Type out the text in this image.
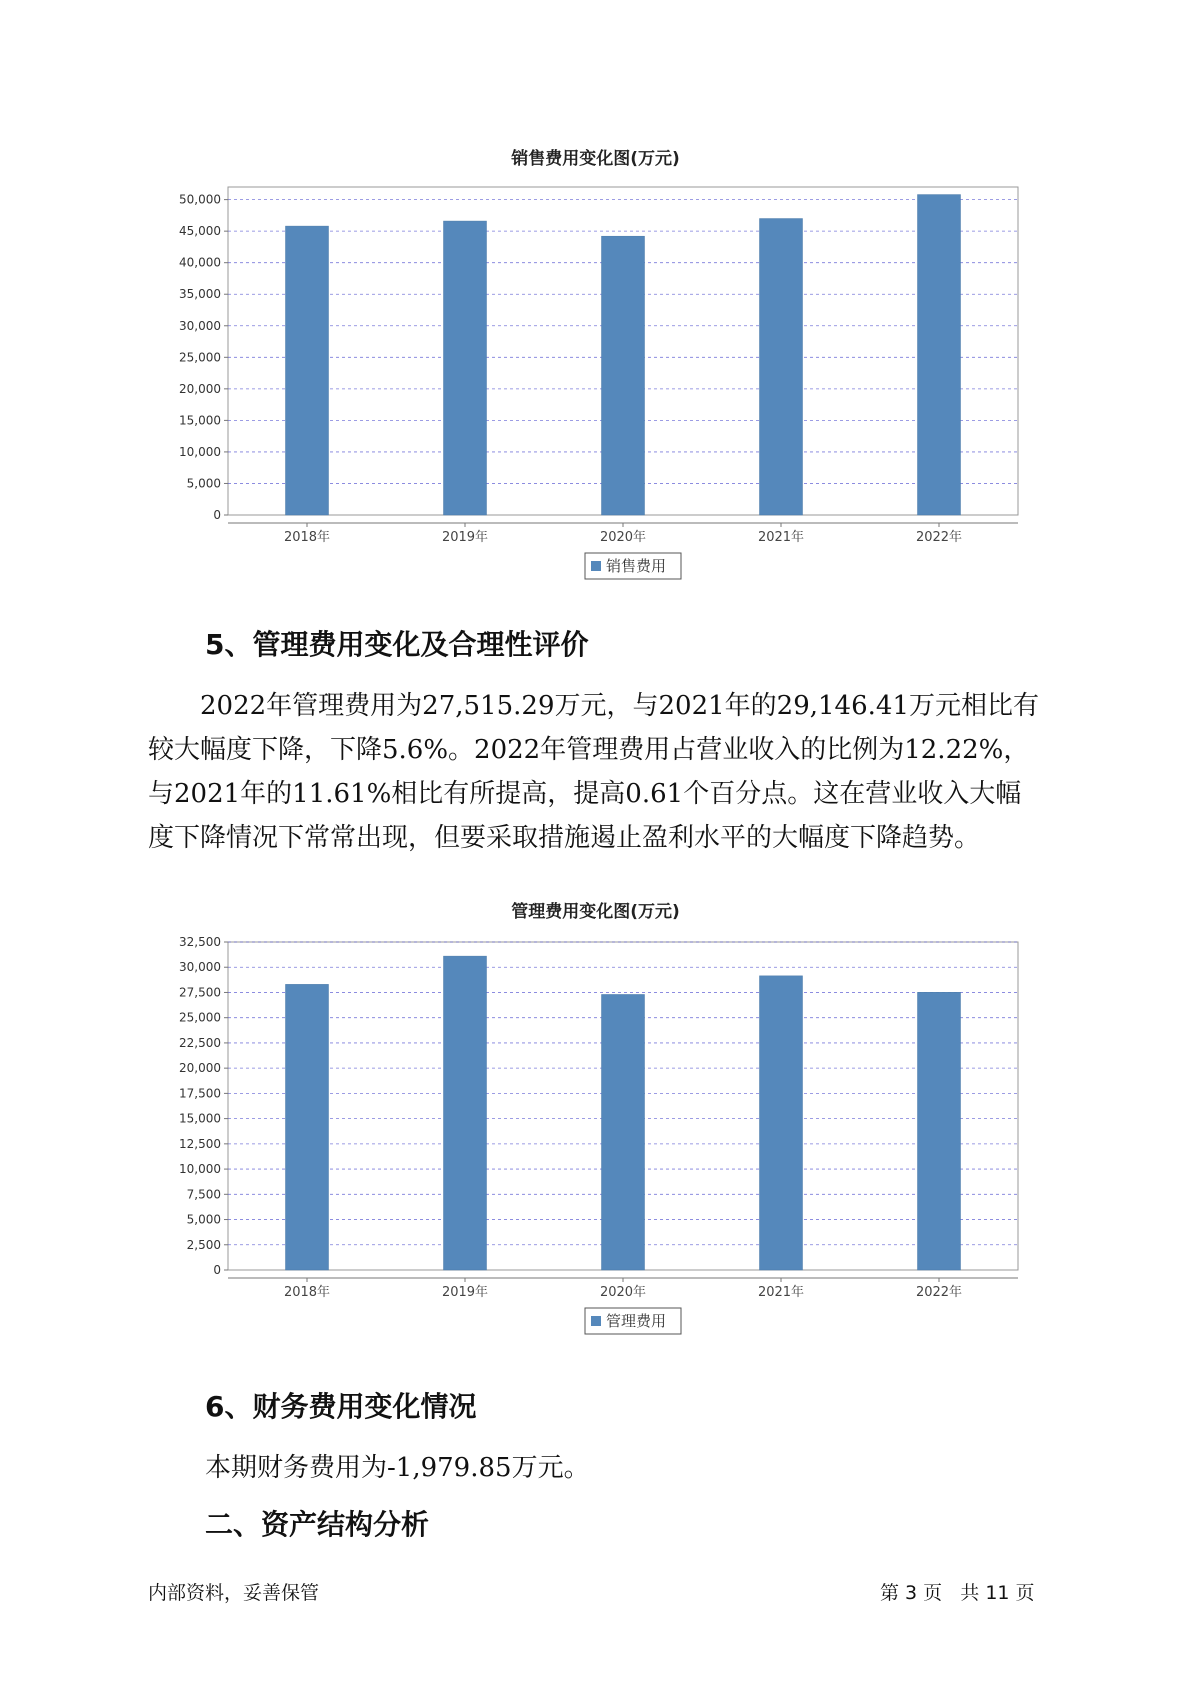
销售费用变化图(万元)
0
5,000
10,000
15,000
20,000
25,000
30,000
35,000
40,000
45,000
50,000
2018年	2019年	2020年	2021年	2022年
销售费用
5、管理费用变化及合理性评价
2022年管理费用为27,515.29万元，与2021年的29,146.41万元相比有
较大幅度下降，下降5.6%。2022年管理费用占营业收入的比例为12.22%，
与2021年的11.61%相比有所提高，提高0.61个百分点。这在营业收入大幅
度下降情况下常常出现，但要采取措施遏止盈利水平的大幅度下降趋势。
管理费用变化图(万元)
0
2,500
5,000
7,500
10,000
12,500
15,000
17,500
20,000
22,500
25,000
27,500
30,000
32,500
2018年	2019年	2020年	2021年	2022年
管理费用
6、财务费用变化情况
本期财务费用为-1,979.85万元。
二、资产结构分析
内部资料，妥善保管	第 3 页   共 11 页
